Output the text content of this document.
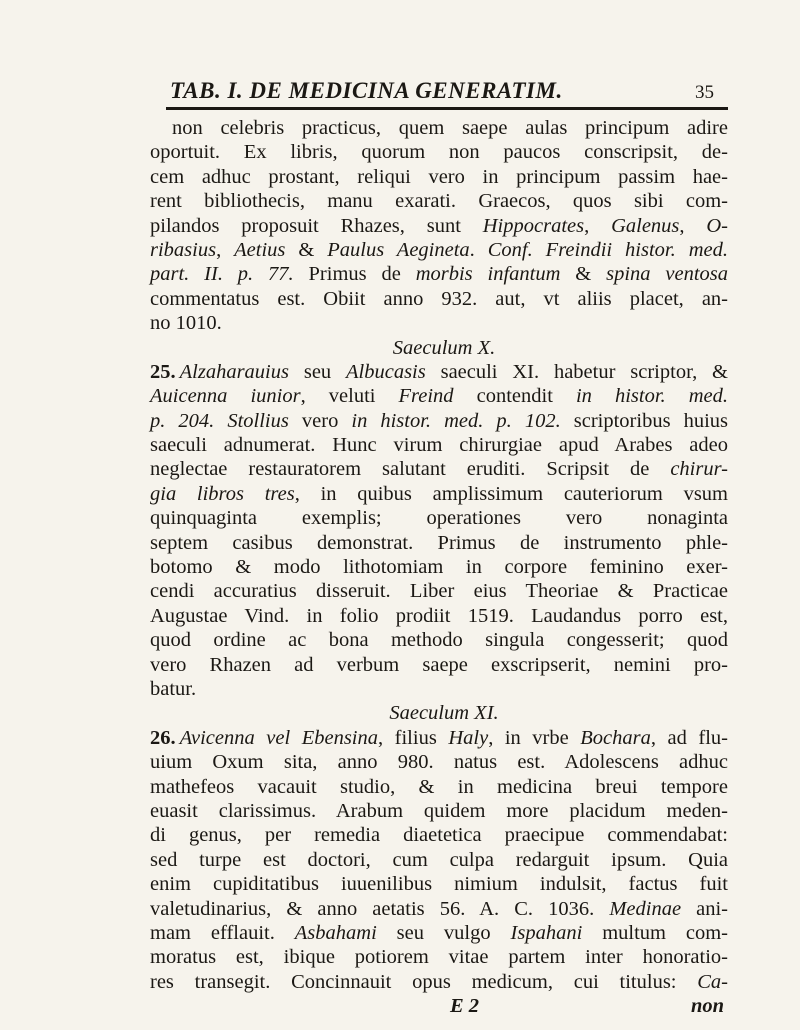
TAB. I. DE MEDICINA GENERATIM.	35
non celebris practicus, quem saepe aulas principum adire
oportuit. Ex libris, quorum non paucos conscripsit, de-
cem adhuc prostant, reliqui vero in principum passim hae-
rent bibliothecis, manu exarati. Graecos, quos sibi com-
pilandos proposuit Rhazes, sunt Hippocrates, Galenus, O-
ribasius, Aetius & Paulus Aegineta. Conf. Freindii histor. med.
part. II. p. 77. Primus de morbis infantum & spina ventosa
commentatus est. Obiit anno 932. aut, vt aliis placet, an-
no 1010.
Saeculum X.
25. Alzaharauius seu Albucasis saeculi XI. habetur scriptor, &
Auicenna iunior, veluti Freind contendit in histor. med.
p. 204. Stollius vero in histor. med. p. 102. scriptoribus huius
saeculi adnumerat. Hunc virum chirurgiae apud Arabes adeo
neglectae restauratorem salutant eruditi. Scripsit de chirur-
gia libros tres, in quibus amplissimum cauteriorum vsum
quinquaginta exemplis; operationes vero nonaginta
septem casibus demonstrat. Primus de instrumento phle-
botomo & modo lithotomiam in corpore feminino exer-
cendi accuratius disseruit. Liber eius Theoriae & Practicae
Augustae Vind. in folio prodiit 1519. Laudandus porro est,
quod ordine ac bona methodo singula congesserit; quod
vero Rhazen ad verbum saepe exscripserit, nemini pro-
batur.
Saeculum XI.
26. Avicenna vel Ebensina, filius Haly, in vrbe Bochara, ad flu-
uium Oxum sita, anno 980. natus est. Adolescens adhuc
mathefeos vacauit studio, & in medicina breui tempore
euasit clarissimus. Arabum quidem more placidum meden-
di genus, per remedia diaetetica praecipue commendabat:
sed turpe est doctori, cum culpa redarguit ipsum. Quia
enim cupiditatibus iuuenilibus nimium indulsit, factus fuit
valetudinarius, & anno aetatis 56. A. C. 1036. Medinae ani-
mam efflauit. Asbahami seu vulgo Ispahani multum com-
moratus est, ibique potiorem vitae partem inter honoratio-
res transegit. Concinnauit opus medicum, cui titulus: Ca-
E 2	non
